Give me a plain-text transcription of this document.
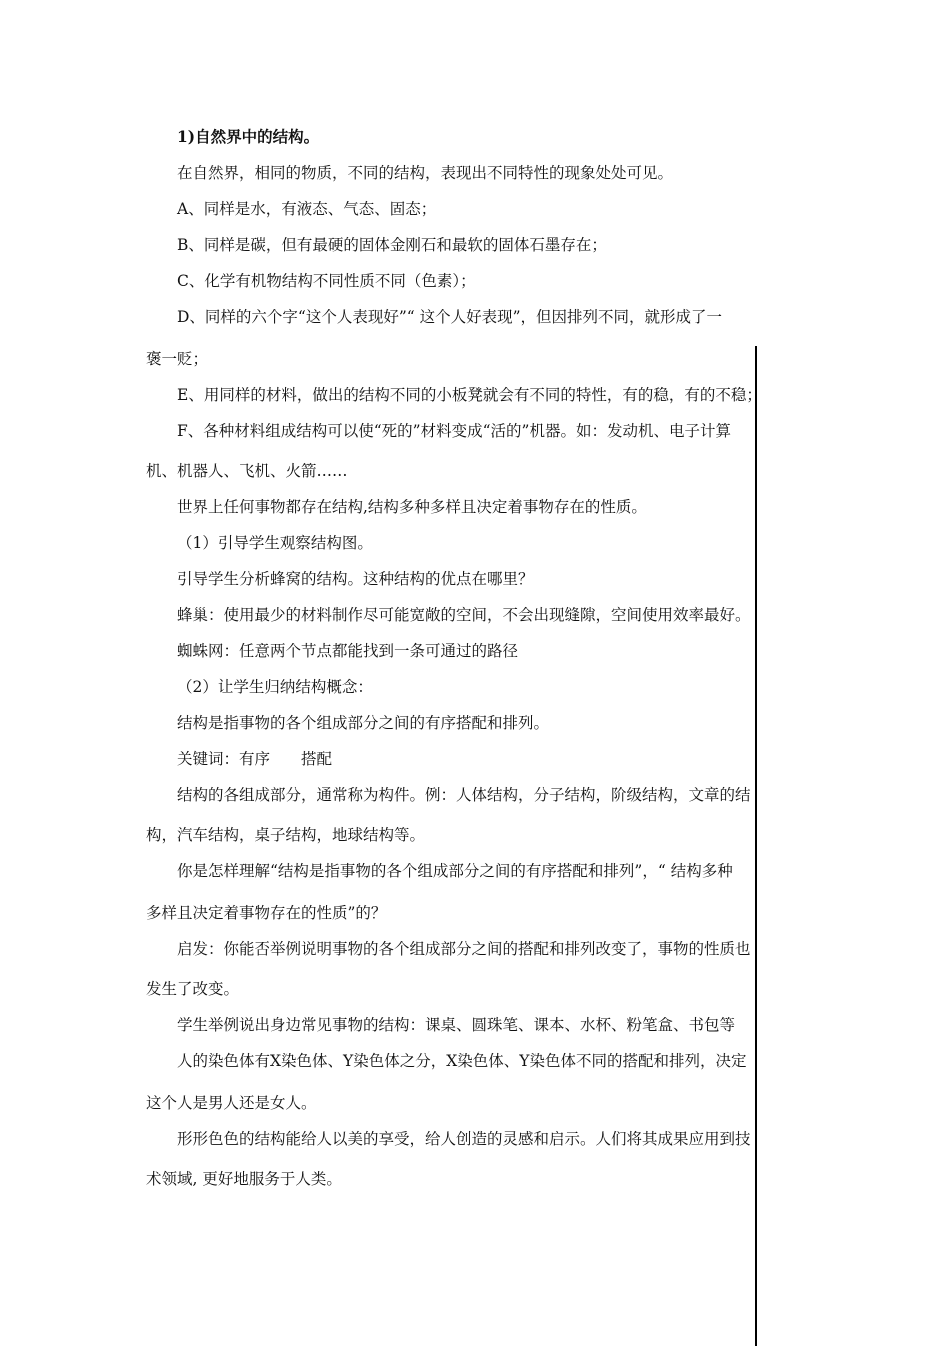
1)自然界中的结构。
在自然界，相同的物质，不同的结构，表现出不同特性的现象处处可见。
A、同样是水，有液态、气态、固态；
B、同样是碳，但有最硬的固体金刚石和最软的固体石墨存在；
C、化学有机物结构不同性质不同（色素）；
D、同样的六个字“这个人表现好”“ 这个人好表现”，但因排列不同，就形成了一
褒一贬；
E、用同样的材料，做出的结构不同的小板凳就会有不同的特性，有的稳，有的不稳；
F、各种材料组成结构可以使“死的”材料变成“活的”机器。如：发动机、电子计算
机、机器人、飞机、火箭……
世界上任何事物都存在结构,结构多种多样且决定着事物存在的性质。
（1）引导学生观察结构图。
引导学生分析蜂窝的结构。这种结构的优点在哪里？
蜂巢：使用最少的材料制作尽可能宽敞的空间，不会出现缝隙，空间使用效率最好。
蜘蛛网：任意两个节点都能找到一条可通过的路径
（2）让学生归纳结构概念：
结构是指事物的各个组成部分之间的有序搭配和排列。
关键词：有序　　搭配
结构的各组成部分，通常称为构件。例：人体结构，分子结构，阶级结构，文章的结
构，汽车结构，桌子结构，地球结构等。
你是怎样理解“结构是指事物的各个组成部分之间的有序搭配和排列”，“ 结构多种
多样且决定着事物存在的性质”的？
启发：你能否举例说明事物的各个组成部分之间的搭配和排列改变了，事物的性质也
发生了改变。
学生举例说出身边常见事物的结构：课桌、圆珠笔、课本、水杯、粉笔盒、书包等
人的染色体有X染色体、Y染色体之分，X染色体、Y染色体不同的搭配和排列，决定
这个人是男人还是女人。
形形色色的结构能给人以美的享受，给人创造的灵感和启示。人们将其成果应用到技
术领域, 更好地服务于人类。
